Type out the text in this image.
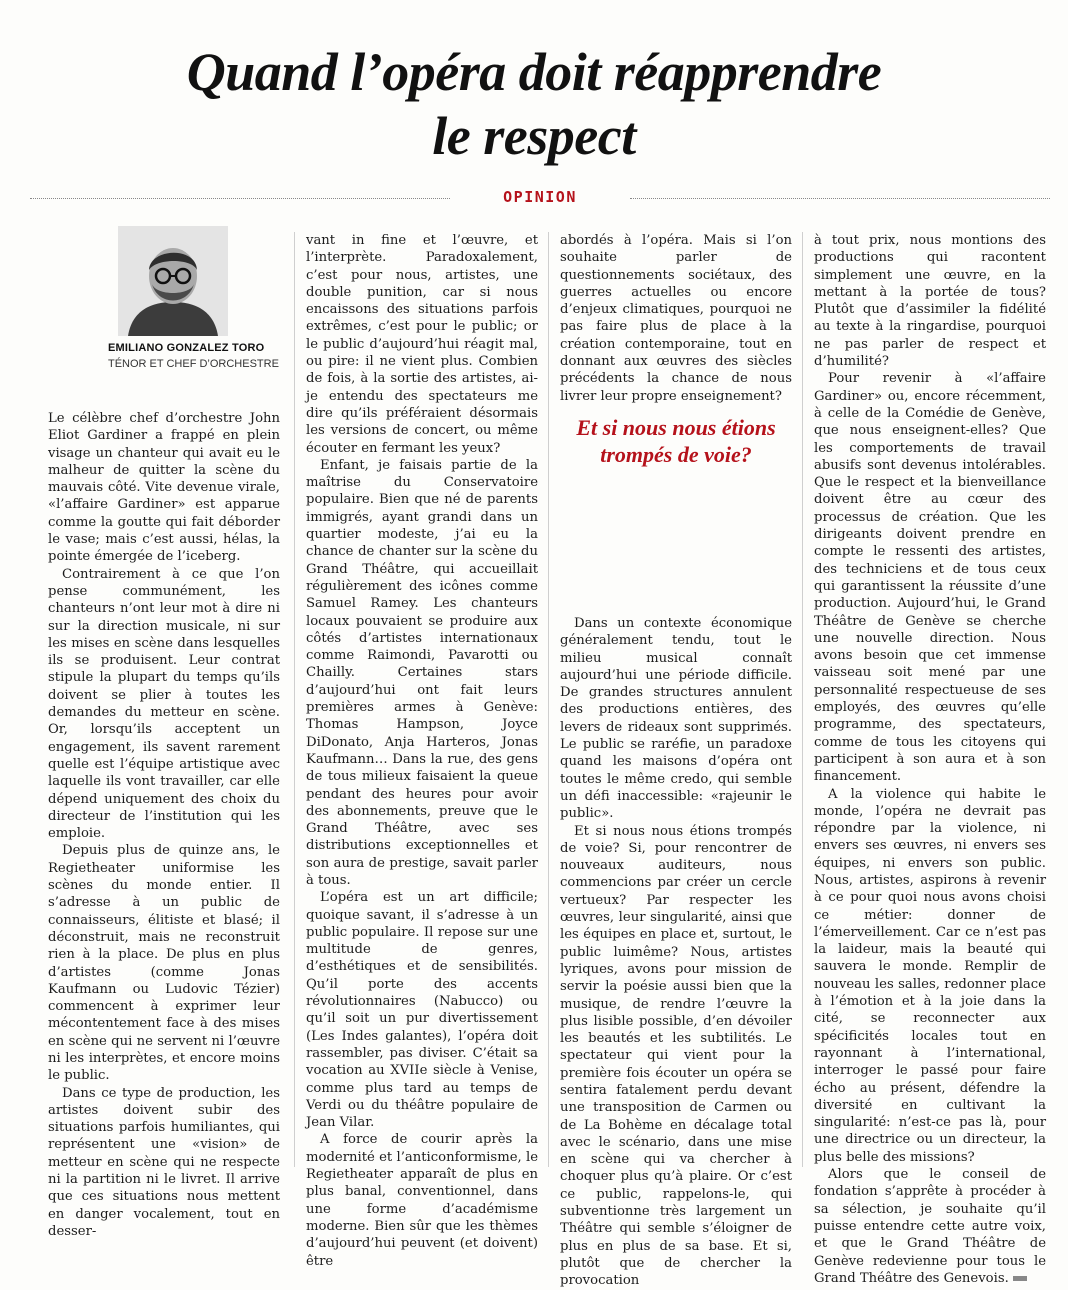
Quand l’opéra doit réapprendre
le respect
OPINION
EMILIANO GONZALEZ TORO
TÉNOR ET CHEF D’ORCHESTRE

Le célèbre chef d’orchestre John Eliot Gardiner a frappé en plein visage un chanteur qui avait eu le malheur de quitter la scène du mauvais côté. Vite devenue virale, «l’affaire Gardiner» est apparue comme la goutte qui fait déborder le vase; mais c’est aussi, hélas, la pointe émergée de l’iceberg.

Contrairement à ce que l’on pense communément, les chanteurs n’ont leur mot à dire ni sur la direction musicale, ni sur les mises en scène dans lesquelles ils se produisent. Leur contrat stipule la plupart du temps qu’ils doivent se plier à toutes les demandes du metteur en scène. Or, lorsqu’ils acceptent un engagement, ils savent rarement quelle est l’équipe artistique avec laquelle ils vont travailler, car elle dépend uniquement des choix du directeur de l’institution qui les emploie.

Depuis plus de quinze ans, le Regietheater uniformise les scènes du monde entier. Il s’adresse à un public de connaisseurs, élitiste et blasé; il déconstruit, mais ne reconstruit rien à la place. De plus en plus d’artistes (comme Jonas Kaufmann ou Ludovic Tézier) commencent à exprimer leur mécontentement face à des mises en scène qui ne servent ni l’œuvre ni les interprètes, et encore moins le public.

Dans ce type de production, les artistes doivent subir des situations parfois humiliantes, qui représentent une «vision» de metteur en scène qui ne respecte ni la partition ni le livret. Il arrive que ces situations nous mettent en danger vocalement, tout en desser-

vant in fine et l’œuvre, et l’interprète. Paradoxalement, c’est pour nous, artistes, une double punition, car si nous encaissons des situations parfois extrêmes, c’est pour le public; or le public d’aujourd’hui réagit mal, ou pire: il ne vient plus. Combien de fois, à la sortie des artistes, ai-je entendu des spectateurs me dire qu’ils préféraient désormais les versions de concert, ou même écouter en fermant les yeux?

Enfant, je faisais partie de la maîtrise du Conservatoire populaire. Bien que né de parents immigrés, ayant grandi dans un quartier modeste, j’ai eu la chance de chanter sur la scène du Grand Théâtre, qui accueillait régulièrement des icônes comme Samuel Ramey. Les chanteurs locaux pouvaient se produire aux côtés d’artistes internationaux comme Raimondi, Pavarotti ou Chailly. Certaines stars d’aujourd’hui ont fait leurs premières armes à Genève: Thomas Hampson, Joyce DiDonato, Anja Harteros, Jonas Kaufmann… Dans la rue, des gens de tous milieux faisaient la queue pendant des heures pour avoir des abonnements, preuve que le Grand Théâtre, avec ses distributions exceptionnelles et son aura de prestige, savait parler à tous.

L’opéra est un art difficile; quoique savant, il s’adresse à un public populaire. Il repose sur une multitude de genres, d’esthétiques et de sensibilités. Qu’il porte des accents révolutionnaires (Nabucco) ou qu’il soit un pur divertissement (Les Indes galantes), l’opéra doit rassembler, pas diviser. C’était sa vocation au XVIIe siècle à Venise, comme plus tard au temps de Verdi ou du théâtre populaire de Jean Vilar.

A force de courir après la modernité et l’anticonformisme, le Regietheater apparaît de plus en plus banal, conventionnel, dans une forme d’académisme moderne. Bien sûr que les thèmes d’aujourd’hui peuvent (et doivent) être

abordés à l’opéra. Mais si l’on souhaite parler de questionnements sociétaux, des guerres actuelles ou encore d’enjeux climatiques, pourquoi ne pas faire plus de place à la création contemporaine, tout en donnant aux œuvres des siècles précédents la chance de nous livrer leur propre enseignement?

Dans un contexte économique généralement tendu, tout le milieu musical connaît aujourd’hui une période difficile. De grandes structures annulent des productions entières, des levers de rideaux sont supprimés. Le public se raréfie, un paradoxe quand les maisons d’opéra ont toutes le même credo, qui semble un défi inaccessible: «rajeunir le public».

Et si nous nous étions trompés de voie? Si, pour rencontrer de nouveaux auditeurs, nous commencions par créer un cercle vertueux? Par respecter les œuvres, leur singularité, ainsi que les équipes en place et, surtout, le public luimême? Nous, artistes lyriques, avons pour mission de servir la poésie aussi bien que la musique, de rendre l’œuvre la plus lisible possible, d’en dévoiler les beautés et les subtilités. Le spectateur qui vient pour la première fois écouter un opéra se sentira fatalement perdu devant une transposition de Carmen ou de La Bohème en décalage total avec le scénario, dans une mise en scène qui va chercher à choquer plus qu’à plaire. Or c’est ce public, rappelons-le, qui subventionne très largement un Théâtre qui semble s’éloigner de plus en plus de sa base. Et si, plutôt que de chercher la provocation

Et si nous nous étions trompés de voie?

à tout prix, nous montions des productions qui racontent simplement une œuvre, en la mettant à la portée de tous? Plutôt que d’assimiler la fidélité au texte à la ringardise, pourquoi ne pas parler de respect et d’humilité?

Pour revenir à «l’affaire Gardiner» ou, encore récemment, à celle de la Comédie de Genève, que nous enseignent-elles? Que les comportements de travail abusifs sont devenus intolérables. Que le respect et la bienveillance doivent être au cœur des processus de création. Que les dirigeants doivent prendre en compte le ressenti des artistes, des techniciens et de tous ceux qui garantissent la réussite d’une production. Aujourd’hui, le Grand Théâtre de Genève se cherche une nouvelle direction. Nous avons besoin que cet immense vaisseau soit mené par une personnalité respectueuse de ses employés, des œuvres qu’elle programme, des spectateurs, comme de tous les citoyens qui participent à son aura et à son financement.

A la violence qui habite le monde, l’opéra ne devrait pas répondre par la violence, ni envers ses œuvres, ni envers ses équipes, ni envers son public. Nous, artistes, aspirons à revenir à ce pour quoi nous avons choisi ce métier: donner de l’émerveillement. Car ce n’est pas la laideur, mais la beauté qui sauvera le monde. Remplir de nouveau les salles, redonner place à l’émotion et à la joie dans la cité, se reconnecter aux spécificités locales tout en rayonnant à l’international, interroger le passé pour faire écho au présent, défendre la diversité en cultivant la singularité: n’est-ce pas là, pour une directrice ou un directeur, la plus belle des missions?

Alors que le conseil de fondation s’apprête à procéder à sa sélection, je souhaite qu’il puisse entendre cette autre voix, et que le Grand Théâtre de Genève redevienne pour tous le Grand Théâtre des Genevois.
